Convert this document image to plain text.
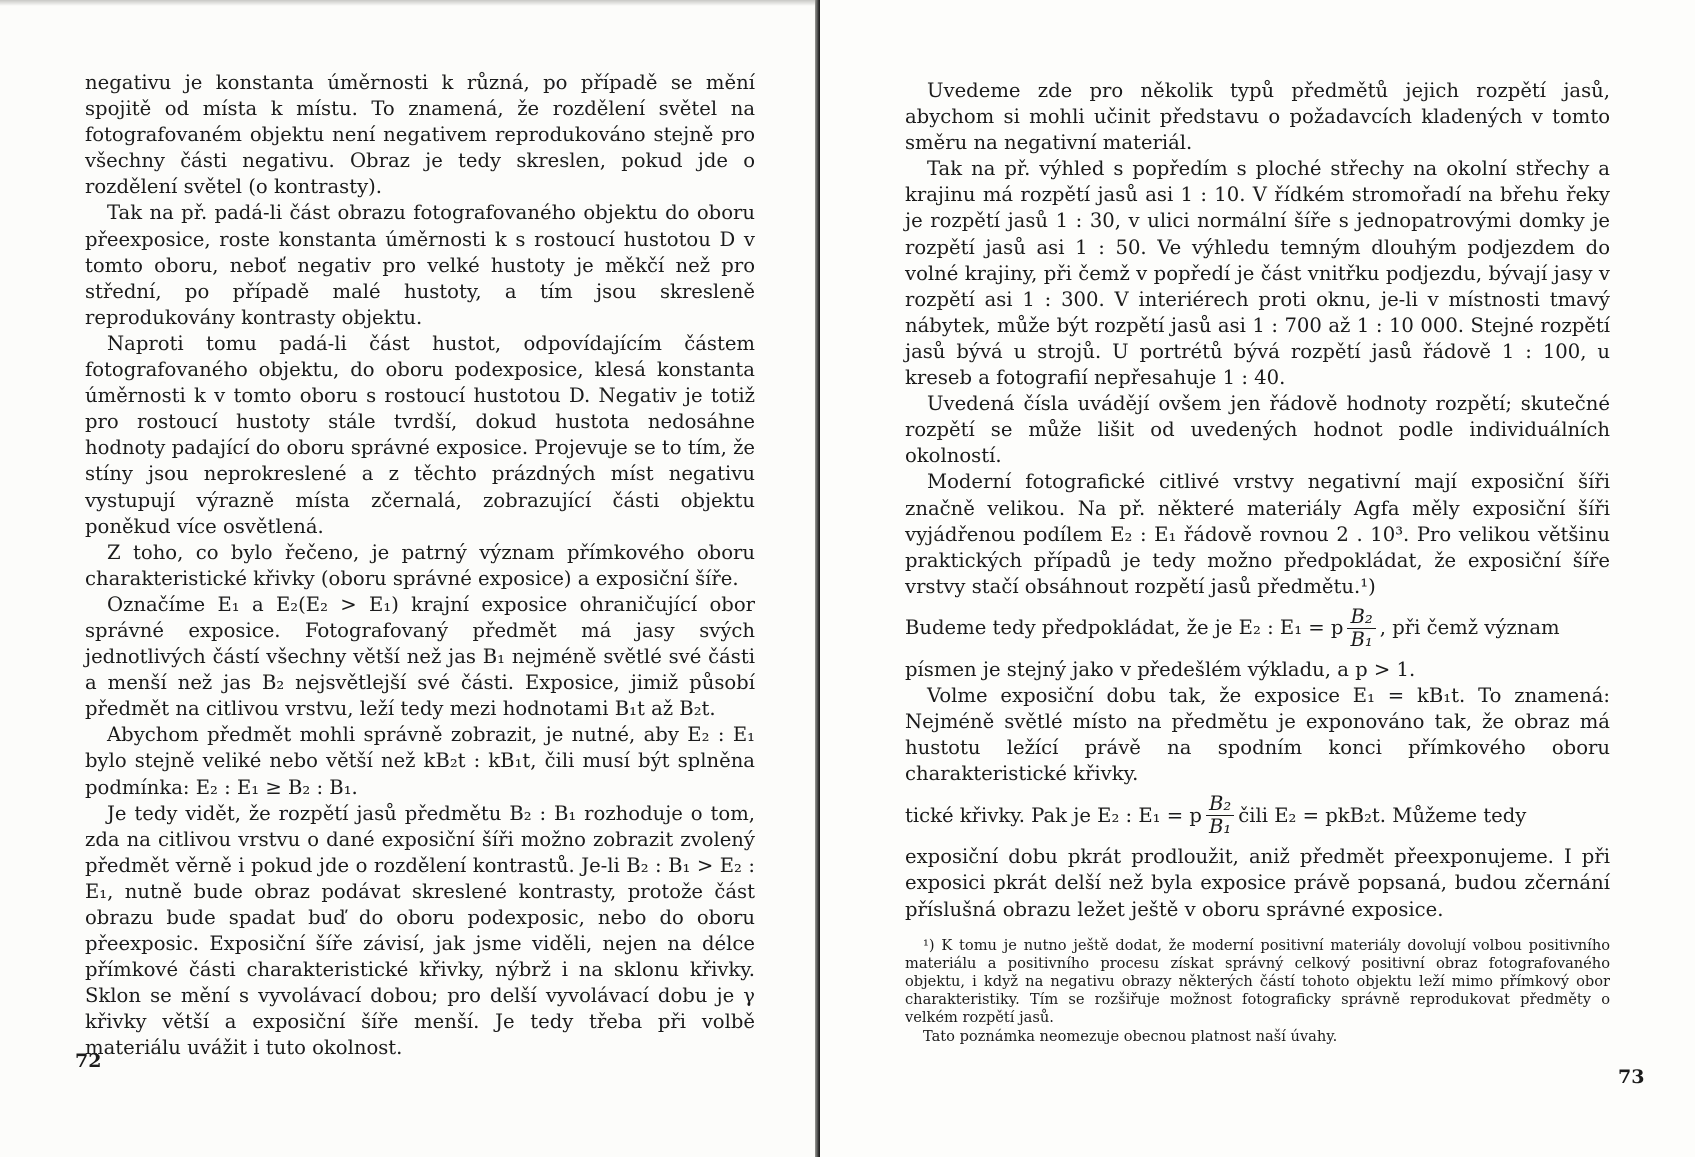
negativu je konstanta úměrnosti k různá, po případě se mění spojitě od místa k místu. To znamená, že rozdělení světel na fotografovaném objektu není negativem reprodukováno stejně pro všechny části negativu. Obraz je tedy skreslen, pokud jde o rozdělení světel (o kontrasty).

Tak na př. padá-li část obrazu fotografovaného objektu do oboru přeexposice, roste konstanta úměrnosti k s rostoucí hustotou D v tomto oboru, neboť negativ pro velké hustoty je měkčí než pro střední, po případě malé hustoty, a tím jsou skresleně reprodukovány kontrasty objektu.

Naproti tomu padá-li část hustot, odpovídajícím částem fotografovaného objektu, do oboru podexposice, klesá konstanta úměrnosti k v tomto oboru s rostoucí hustotou D. Negativ je totiž pro rostoucí hustoty stále tvrdší, dokud hustota nedosáhne hodnoty padající do oboru správné exposice. Projevuje se to tím, že stíny jsou neprokreslené a z těchto prázdných míst negativu vystupují výrazně místa zčernalá, zobrazující části objektu poněkud více osvětlená.

Z toho, co bylo řečeno, je patrný význam přímkového oboru charakteristické křivky (oboru správné exposice) a exposiční šíře.

Označíme E₁ a E₂(E₂ > E₁) krajní exposice ohraničující obor správné exposice. Fotografovaný předmět má jasy svých jednotlivých částí všechny větší než jas B₁ nejméně světlé své části a menší než jas B₂ nejsvětlejší své části. Exposice, jimiž působí předmět na citlivou vrstvu, leží tedy mezi hodnotami B₁t až B₂t.

Abychom předmět mohli správně zobrazit, je nutné, aby E₂ : E₁ bylo stejně veliké nebo větší než kB₂t : kB₁t, čili musí být splněna podmínka: E₂ : E₁ ≥ B₂ : B₁.

Je tedy vidět, že rozpětí jasů předmětu B₂ : B₁ rozhoduje o tom, zda na citlivou vrstvu o dané exposiční šíři možno zobrazit zvolený předmět věrně i pokud jde o rozdělení kontrastů. Je-li B₂ : B₁ > E₂ : E₁, nutně bude obraz podávat skreslené kontrasty, protože část obrazu bude spadat buď do oboru podexposic, nebo do oboru přeexposic. Exposiční šíře závisí, jak jsme viděli, nejen na délce přímkové části charakteristické křivky, nýbrž i na sklonu křivky. Sklon se mění s vyvolávací dobou; pro delší vyvolávací dobu je γ křivky větší a exposiční šíře menší. Je tedy třeba při volbě materiálu uvážit i tuto okolnost.

72

Uvedeme zde pro několik typů předmětů jejich rozpětí jasů, abychom si mohli učinit představu o požadavcích kladených v tomto směru na negativní materiál.

Tak na př. výhled s popředím s ploché střechy na okolní střechy a krajinu má rozpětí jasů asi 1 : 10. V řídkém stromořadí na břehu řeky je rozpětí jasů 1 : 30, v ulici normální šíře s jednopatrovými domky je rozpětí jasů asi 1 : 50. Ve výhledu temným dlouhým podjezdem do volné krajiny, při čemž v popředí je část vnitřku podjezdu, bývají jasy v rozpětí asi 1 : 300. V interiérech proti oknu, je-li v místnosti tmavý nábytek, může být rozpětí jasů asi 1 : 700 až 1 : 10 000. Stejné rozpětí jasů bývá u strojů. U portrétů bývá rozpětí jasů řádově 1 : 100, u kreseb a fotografií nepřesahuje 1 : 40.

Uvedená čísla uvádějí ovšem jen řádově hodnoty rozpětí; skutečné rozpětí se může lišit od uvedených hodnot podle individuálních okolností.

Moderní fotografické citlivé vrstvy negativní mají exposiční šíři značně velikou. Na př. některé materiály Agfa měly exposiční šíři vyjádřenou podílem E₂ : E₁ řádově rovnou 2 . 10³. Pro velikou většinu praktických případů je tedy možno předpokládat, že exposiční šíře vrstvy stačí obsáhnout rozpětí jasů předmětu.¹)

Budeme tedy předpokládat, že je E₂ : E₁ = p $\frac{\text{B₂}}{\text{B₁}}$ , při čemž význam

písmen je stejný jako v předešlém výkladu, a p > 1.

Volme exposiční dobu tak, že exposice E₁ = kB₁t. To znamená: Nejméně světlé místo na předmětu je exponováno tak, že obraz má hustotu ležící právě na spodním konci přímkového oboru charakteristické křivky.

tické křivky. Pak je E₂ : E₁ = p $\frac{\text{B₂}}{\text{B₁}}$ čili E₂ = pkB₂t. Můžeme tedy

exposiční dobu pkrát prodloužit, aniž předmět přeexponujeme. I při exposici pkrát delší než byla exposice právě popsaná, budou zčernání příslušná obrazu ležet ještě v oboru správné exposice.

¹) K tomu je nutno ještě dodat, že moderní positivní materiály dovolují volbou positivního materiálu a positivního procesu získat správný celkový positivní obraz fotografovaného objektu, i když na negativu obrazy některých částí tohoto objektu leží mimo přímkový obor charakteristiky. Tím se rozšiřuje možnost fotograficky správně reprodukovat předměty o velkém rozpětí jasů.

Tato poznámka neomezuje obecnou platnost naší úvahy.

73
